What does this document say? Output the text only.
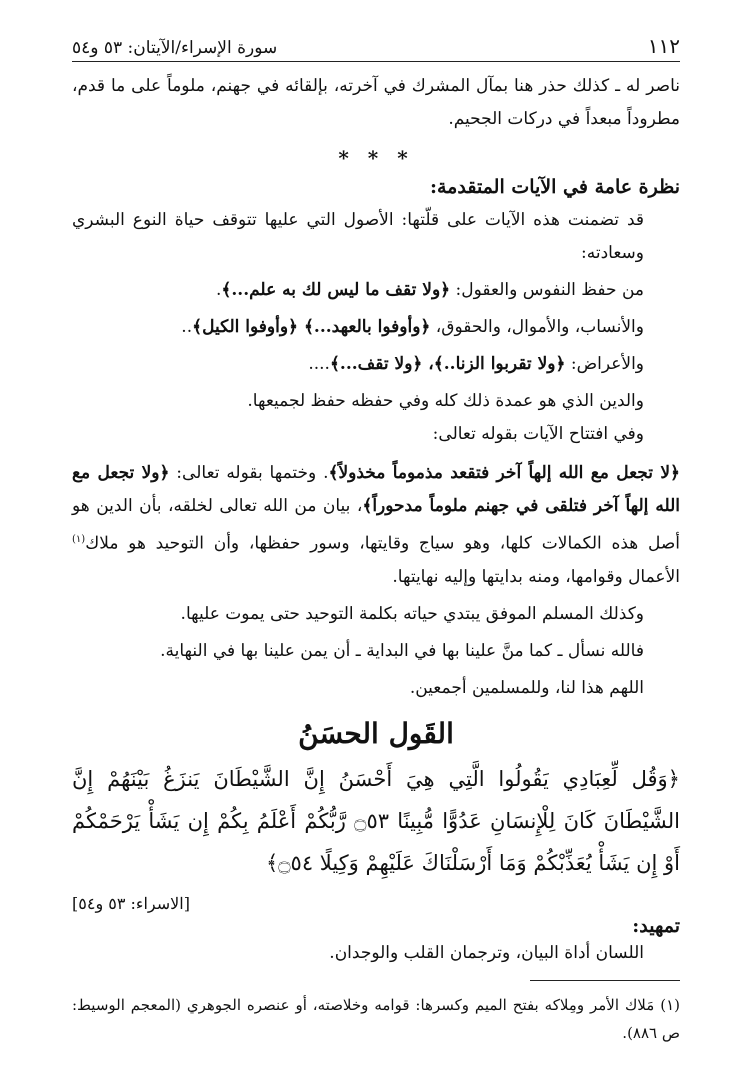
١١٢
سورة الإسراء/الآيتان: ٥٣ و٥٤

ناصر له ـ كذلك حذر هنا بمآل المشرك في آخرته، بإلقائه في جهنم، ملوماً على ما قدم، مطروداً مبعداً في دركات الجحيم.

* * *
نظرة عامة في الآيات المتقدمة:

قد تضمنت هذه الآيات على قلّتها: الأصول التي عليها تتوقف حياة النوع البشري وسعادته:

من حفظ النفوس والعقول: ﴿ولا تقف ما ليس لك به علم...﴾.

والأنساب، والأموال، والحقوق، ﴿وأوفوا بالعهد...﴾ ﴿وأوفوا الكيل﴾..

والأعراض: ﴿ولا تقربوا الزنا..﴾، ﴿ولا تقف...﴾....

والدين الذي هو عمدة ذلك كله وفي حفظه حفظ لجميعها.

وفي افتتاح الآيات بقوله تعالى:

﴿لا تجعل مع الله إلهاً آخر فتقعد مذموماً مخذولاً﴾. وختمها بقوله تعالى: ﴿ولا تجعل مع الله إلهاً آخر فتلقى في جهنم ملوماً مدحوراً﴾، بيان من الله تعالى لخلقه، بأن الدين هو أصل هذه الكمالات كلها، وهو سياج وقايتها، وسور حفظها، وأن التوحيد هو ملاك$^{(١)}$ الأعمال وقوامها، ومنه بدايتها وإليه نهايتها.

وكذلك المسلم الموفق يبتدي حياته بكلمة التوحيد حتى يموت عليها.

فالله نسأل ـ كما منَّ علينا بها في البداية ـ أن يمن علينا بها في النهاية.

اللهم هذا لنا، وللمسلمين أجمعين.

القَول الحسَنُ

﴿وَقُل لِّعِبَادِي يَقُولُوا الَّتِي هِيَ أَحْسَنُ إِنَّ الشَّيْطَانَ يَنزَغُ بَيْنَهُمْ إِنَّ الشَّيْطَانَ كَانَ لِلْإِنسَانِ عَدُوًّا مُّبِينًا ۝٥٣ رَّبُّكُمْ أَعْلَمُ بِكُمْ إِن يَشَأْ يَرْحَمْكُمْ أَوْ إِن يَشَأْ يُعَذِّبْكُمْ وَمَا أَرْسَلْنَاكَ عَلَيْهِمْ وَكِيلًا ۝٥٤﴾

[الاسراء: ٥٣ و٥٤]
تمهيد:

اللسان أداة البيان، وترجمان القلب والوجدان.

(١) مَلاك الأمر ومِلاكه بفتح الميم وكسرها: قوامه وخلاصته، أو عنصره الجوهري (المعجم الوسيط: ص ٨٨٦).
